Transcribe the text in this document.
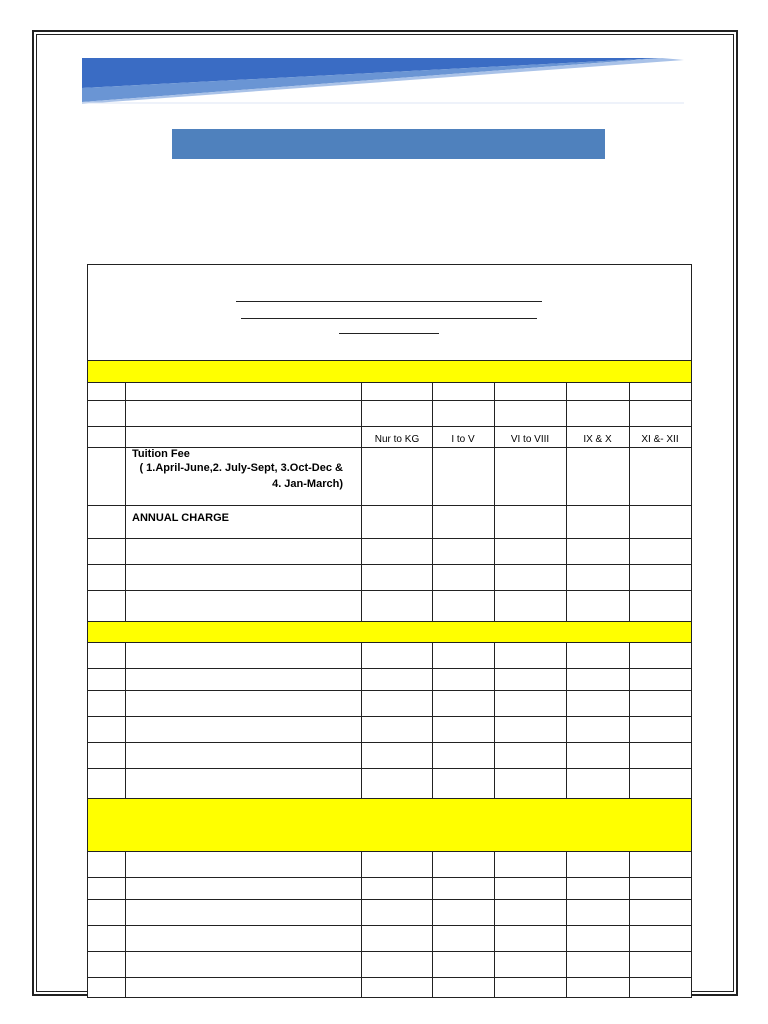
Nur to KG	I to V	VI to VIII	IX & X	XI &- XII
Tuition Fee
( 1.April-June,2. July-Sept, 3.Oct-Dec & 4. Jan-March)
ANNUAL CHARGE
